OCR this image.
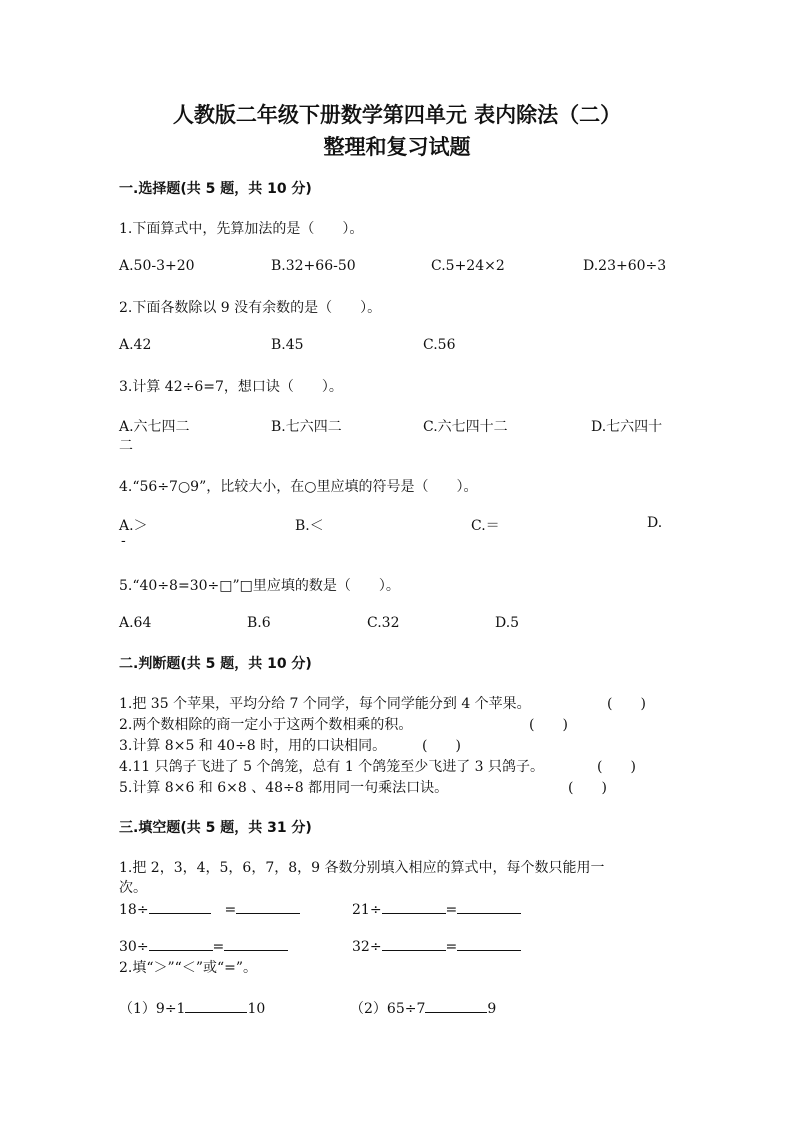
人教版二年级下册数学第四单元 表内除法（二）
整理和复习试题
一.选择题(共 5 题，共 10 分)
1.下面算式中，先算加法的是（　　）。
A.50-3+20	B.32+66-50	C.5+24×2	D.23+60÷3
2.下面各数除以 9 没有余数的是（　　）。
A.42	B.45	C.56
3.计算 42÷6=7，想口诀（　　）。
A.六七四二	B.七六四二	C.六七四十二	D.七六四十
二
4.“56÷7○9”，比较大小，在○里应填的符号是（　　）。
A.＞	B.＜	C.＝	D.
-
5.“40÷8=30÷□”□里应填的数是（　　）。
A.64	B.6	C.32	D.5
二.判断题(共 5 题，共 10 分)
1.把 35 个苹果，平均分给 7 个同学，每个同学能分到 4 个苹果。	(　　)
2.两个数相除的商一定小于这两个数相乘的积。	(　　)
3.计算 8×5 和 40÷8 时，用的口诀相同。	(　　)
4.11 只鸽子飞进了 5 个鸽笼，总有 1 个鸽笼至少飞进了 3 只鸽子。	(　　)
5.计算 8×6 和 6×8 、48÷8 都用同一句乘法口诀。	(　　)
三.填空题(共 5 题，共 31 分)
1.把 2，3，4，5，6，7，8，9 各数分别填入相应的算式中，每个数只能用一
次。
18÷	=	21÷	=
30÷	=	32÷	=
2.填“＞”“＜”或“=”。
（1）9÷1	10	（2）65÷7	9
